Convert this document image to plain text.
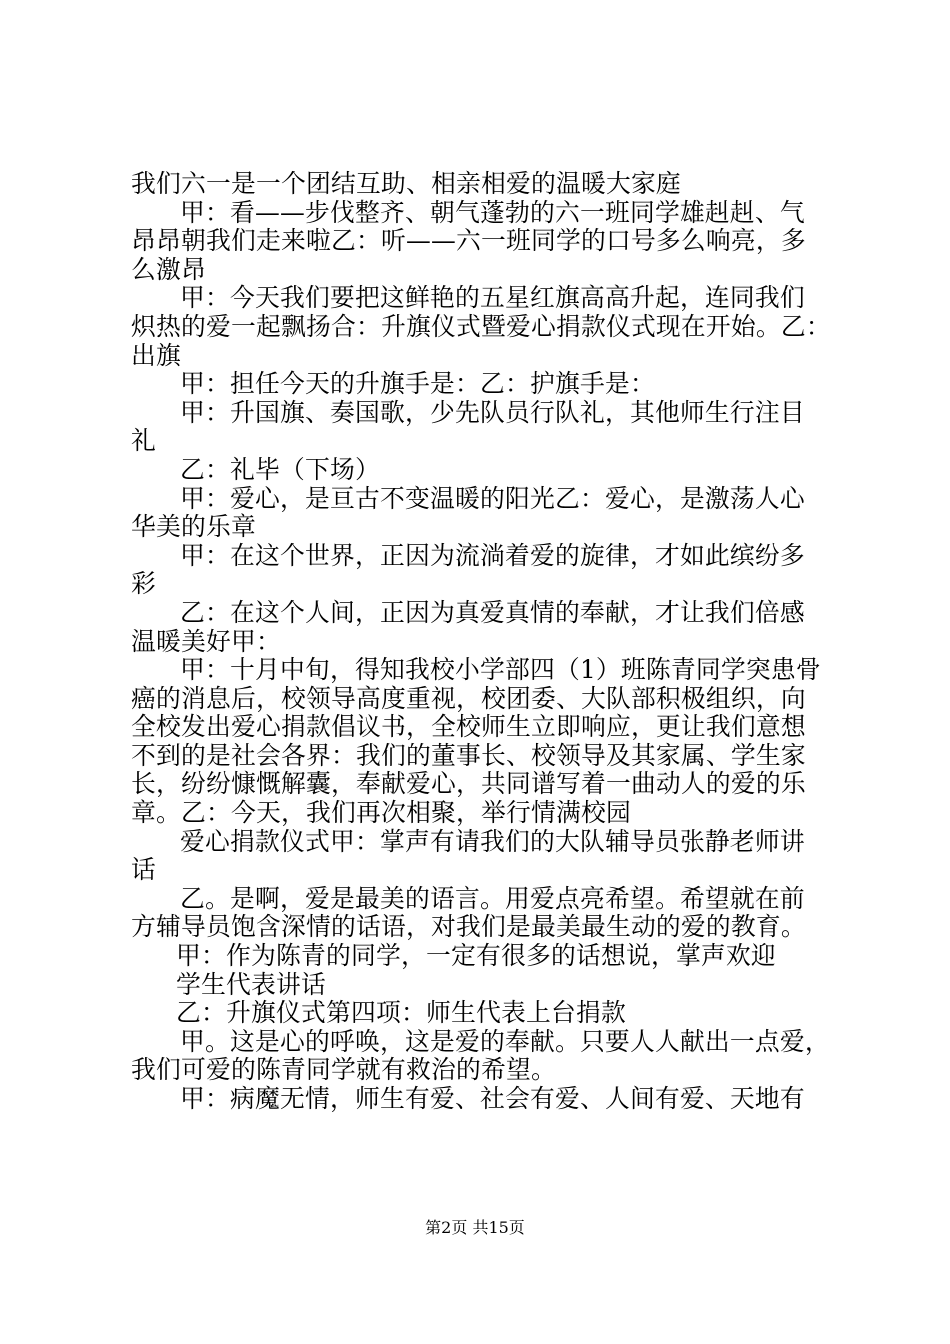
我们六一是一个团结互助、相亲相爱的温暖大家庭
甲：看——步伐整齐、朝气蓬勃的六一班同学雄赳赳、气
昂昂朝我们走来啦乙：听——六一班同学的口号多么响亮，多
么激昂
甲：今天我们要把这鲜艳的五星红旗高高升起，连同我们
炽热的爱一起飘扬合：升旗仪式暨爱心捐款仪式现在开始。乙：
出旗
甲：担任今天的升旗手是：乙：护旗手是：
甲：升国旗、奏国歌，少先队员行队礼，其他师生行注目
礼
乙：礼毕（下场）
甲：爱心，是亘古不变温暖的阳光乙：爱心，是激荡人心
华美的乐章
甲：在这个世界，正因为流淌着爱的旋律，才如此缤纷多
彩
乙：在这个人间，正因为真爱真情的奉献，才让我们倍感
温暖美好甲：
甲：十月中旬，得知我校小学部四（1）班陈青同学突患骨
癌的消息后，校领导高度重视，校团委、大队部积极组织，向
全校发出爱心捐款倡议书，全校师生立即响应，更让我们意想
不到的是社会各界：我们的董事长、校领导及其家属、学生家
长，纷纷慷慨解囊，奉献爱心，共同谱写着一曲动人的爱的乐
章。乙：今天，我们再次相聚，举行情满校园
爱心捐款仪式甲：掌声有请我们的大队辅导员张静老师讲
话
乙。是啊，爱是最美的语言。用爱点亮希望。希望就在前
方辅导员饱含深情的话语，对我们是最美最生动的爱的教育。
甲：作为陈青的同学，一定有很多的话想说，掌声欢迎
学生代表讲话
乙：升旗仪式第四项：师生代表上台捐款
甲。这是心的呼唤，这是爱的奉献。只要人人献出一点爱，
我们可爱的陈青同学就有救治的希望。
甲：病魔无情，师生有爱、社会有爱、人间有爱、天地有
第2页 共15页
